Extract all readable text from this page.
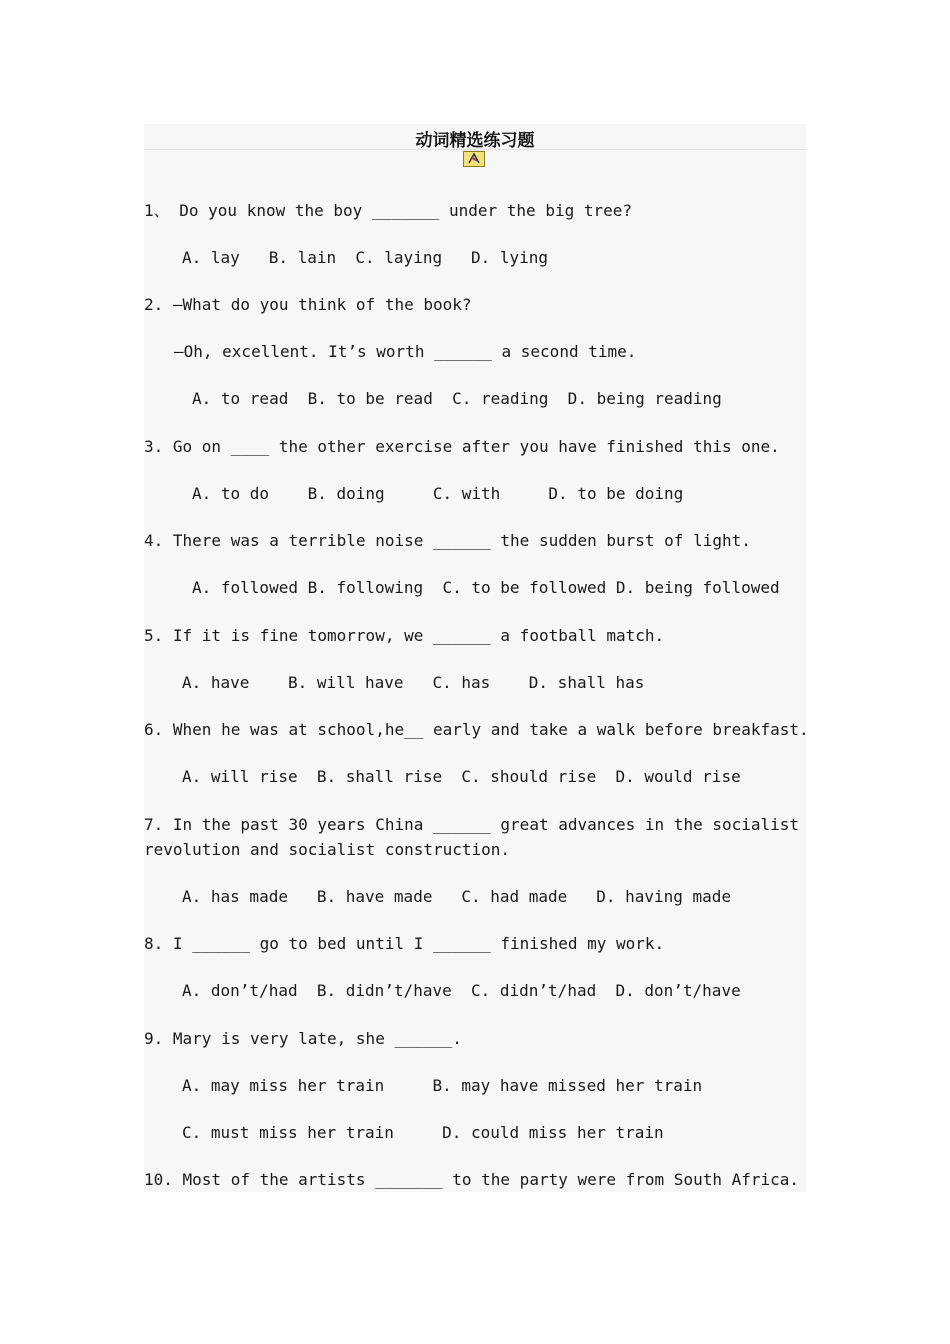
动词精选练习题
1、 Do you know the boy _______ under the big tree?
A. lay   B. lain  C. laying   D. lying
2. —What do you think of the book?
—Oh, excellent. It’s worth ______ a second time.
A. to read  B. to be read  C. reading  D. being reading
3. Go on ____ the other exercise after you have finished this one.
A. to do    B. doing     C. with     D. to be doing
4. There was a terrible noise ______ the sudden burst of light.
A. followed B. following  C. to be followed D. being followed
5. If it is fine tomorrow, we ______ a football match.
A. have    B. will have   C. has    D. shall has
6. When he was at school,he__ early and take a walk before breakfast.
A. will rise  B. shall rise  C. should rise  D. would rise
7. In the past 30 years China ______ great advances in the socialist
revolution and socialist construction.
A. has made   B. have made   C. had made   D. having made
8. I ______ go to bed until I ______ finished my work.
A. don’t/had  B. didn’t/have  C. didn’t/had  D. don’t/have
9. Mary is very late, she ______.
A. may miss her train     B. may have missed her train
C. must miss her train     D. could miss her train
10. Most of the artists _______ to the party were from South Africa.
